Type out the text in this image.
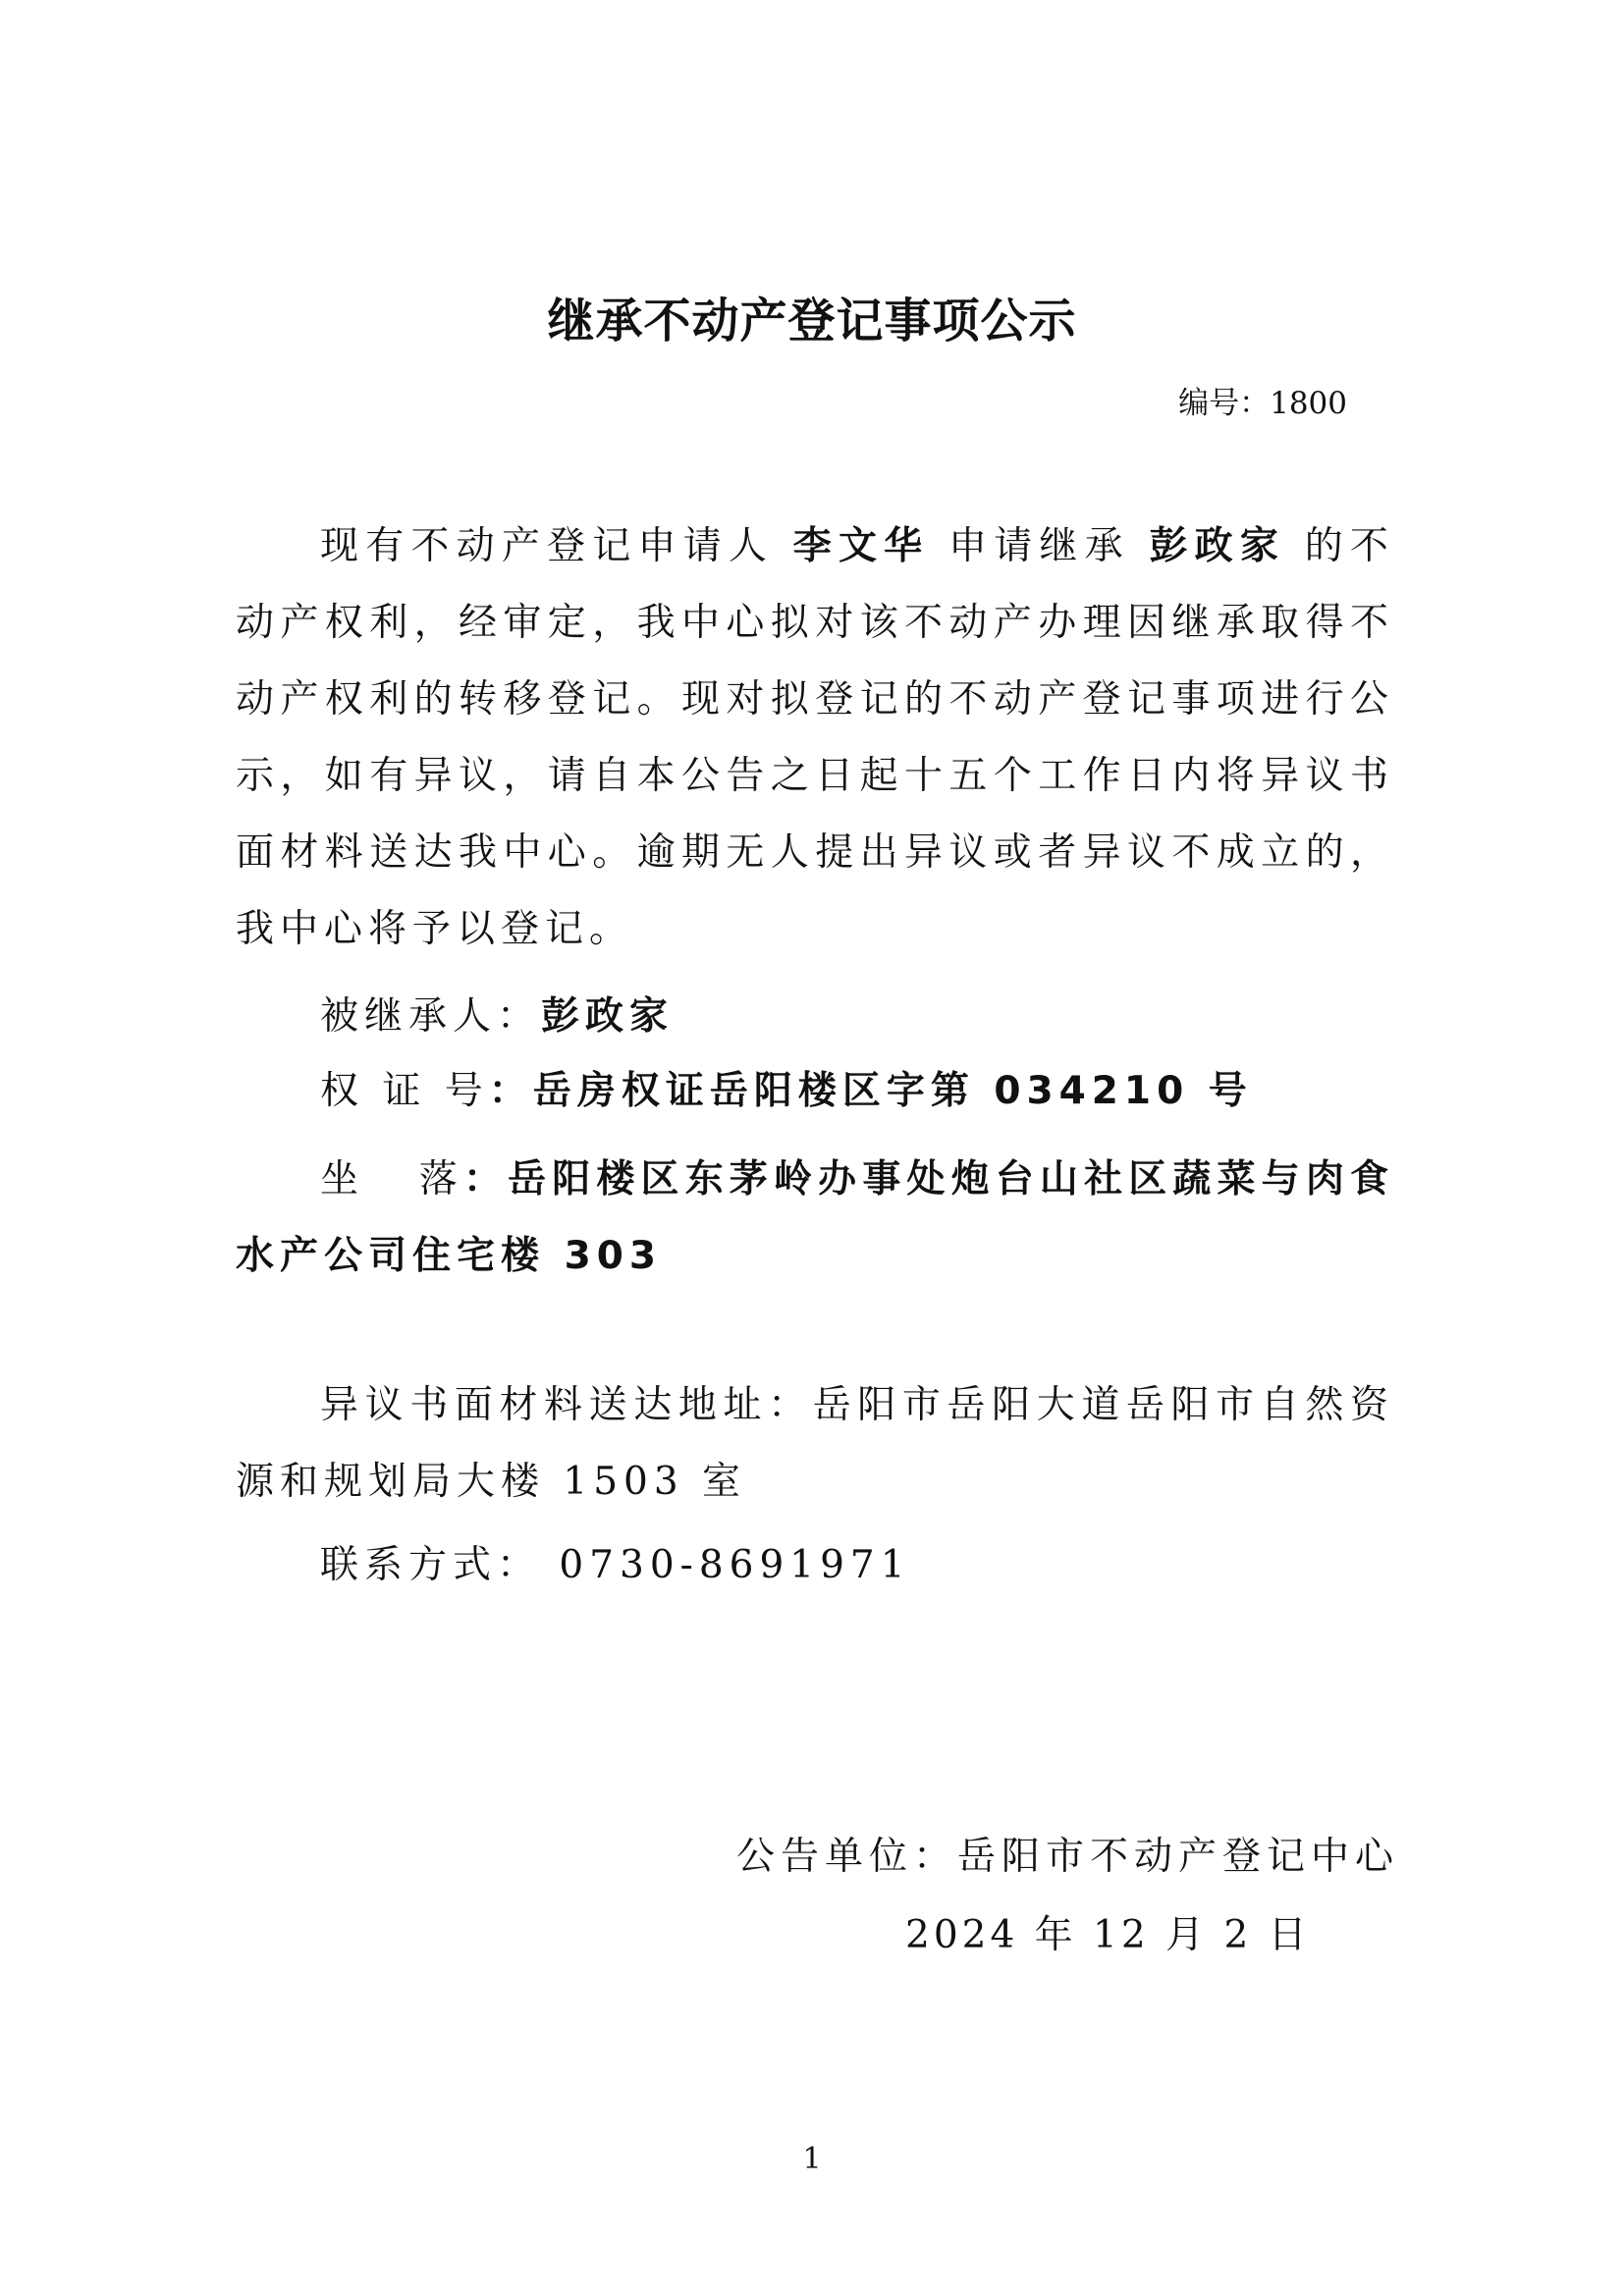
继承不动产登记事项公示
编号：1800
现有不动产登记申请人 李文华 申请继承 彭政家 的不动产权利，经审定，我中心拟对该不动产办理因继承取得不动产权利的转移登记。现对拟登记的不动产登记事项进行公示，如有异议，请自本公告之日起十五个工作日内将异议书面材料送达我中心。逾期无人提出异议或者异议不成立的，我中心将予以登记。
被继承人：彭政家
权 证 号：岳房权证岳阳楼区字第 034210 号
坐   落：岳阳楼区东茅岭办事处炮台山社区蔬菜与肉食水产公司住宅楼 303
异议书面材料送达地址：岳阳市岳阳大道岳阳市自然资源和规划局大楼 1503 室
联系方式： 0730-8691971
公告单位：岳阳市不动产登记中心
2024 年 12 月 2 日
1
